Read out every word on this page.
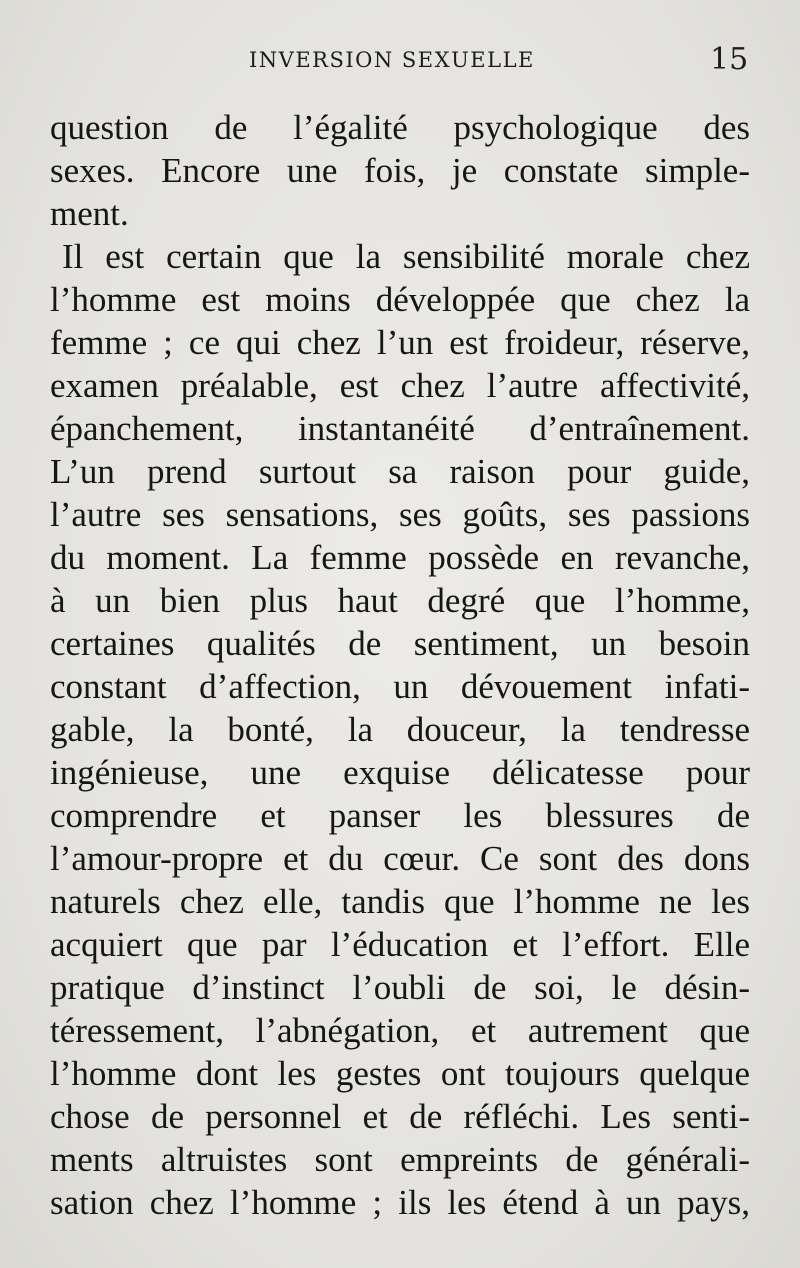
INVERSION SEXUELLE	15
question de l’égalité psychologique des
sexes. Encore une fois, je constate simple-
ment.
Il est certain que la sensibilité morale chez
l’homme est moins développée que chez la
femme ; ce qui chez l’un est froideur, réserve,
examen préalable, est chez l’autre affectivité,
épanchement, instantanéité d’entraînement.
L’un prend surtout sa raison pour guide,
l’autre ses sensations, ses goûts, ses passions
du moment. La femme possède en revanche,
à un bien plus haut degré que l’homme,
certaines qualités de sentiment, un besoin
constant d’affection, un dévouement infati-
gable, la bonté, la douceur, la tendresse
ingénieuse, une exquise délicatesse pour
comprendre et panser les blessures de
l’amour-propre et du cœur. Ce sont des dons
naturels chez elle, tandis que l’homme ne les
acquiert que par l’éducation et l’effort. Elle
pratique d’instinct l’oubli de soi, le désin-
téressement, l’abnégation, et autrement que
l’homme dont les gestes ont toujours quelque
chose de personnel et de réfléchi. Les senti-
ments altruistes sont empreints de générali-
sation chez l’homme ; ils les étend à un pays,
